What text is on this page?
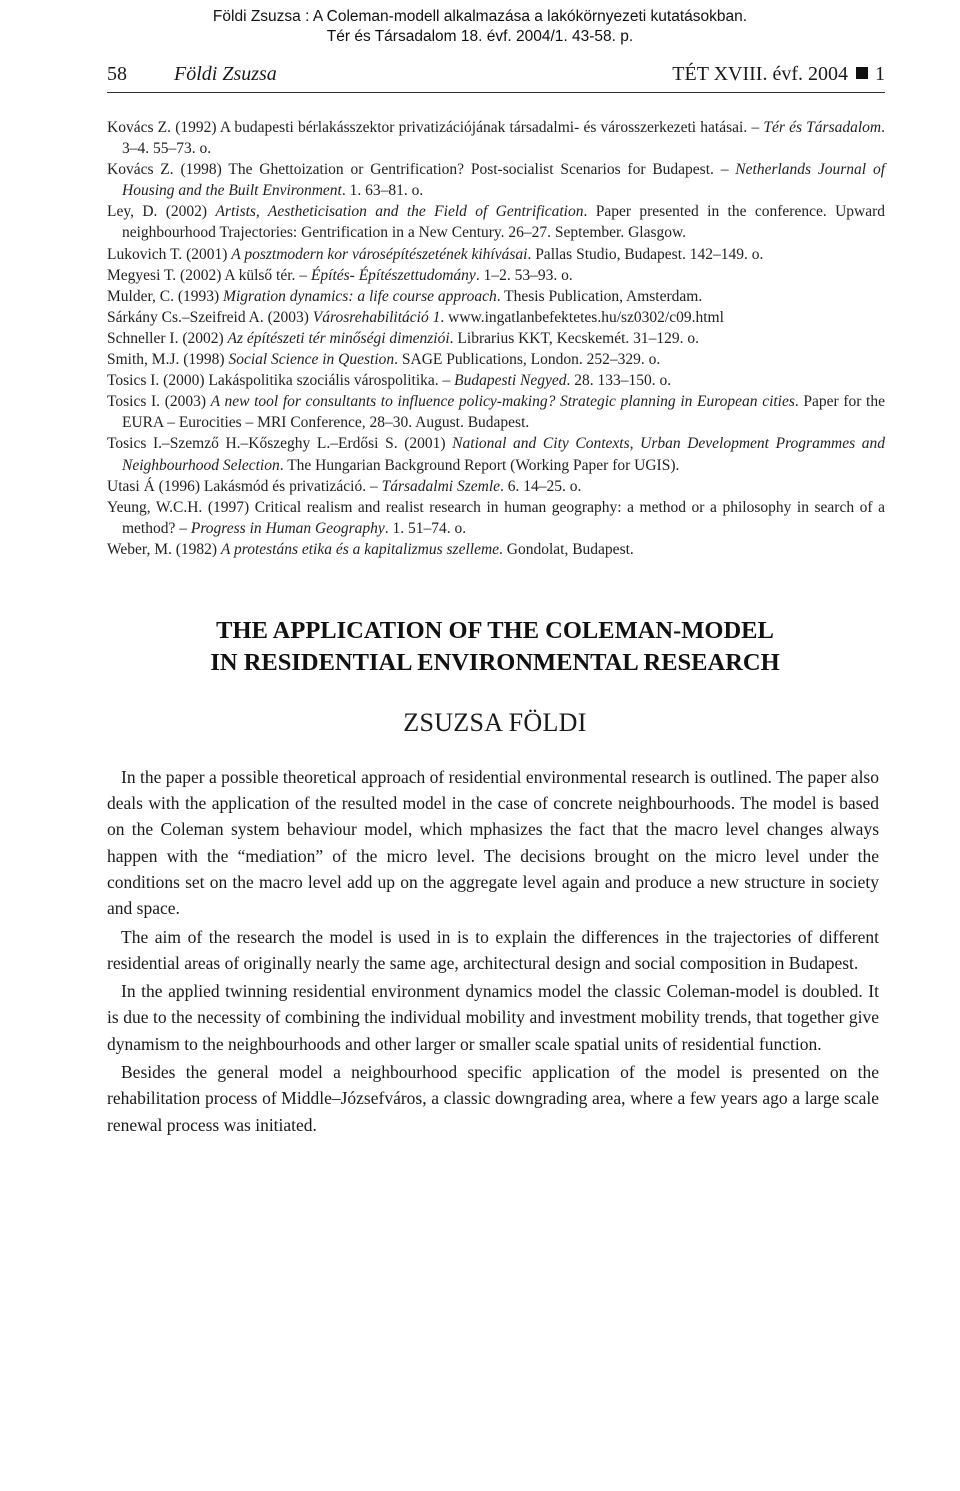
Földi Zsuzsa : A Coleman-modell alkalmazása a lakókörnyezeti kutatásokban.
Tér és Társadalom 18. évf. 2004/1. 43-58. p.
58 Földi Zsuzsa	TÉT XVIII. évf. 2004 1
Kovács Z. (1992) A budapesti bérlakásszektor privatizációjának társadalmi- és városszerkezeti hatásai. – Tér és Társadalom. 3–4. 55–73. o.
Kovács Z. (1998) The Ghettoization or Gentrification? Post-socialist Scenarios for Budapest. – Netherlands Journal of Housing and the Built Environment. 1. 63–81. o.
Ley, D. (2002) Artists, Aestheticisation and the Field of Gentrification. Paper presented in the conference. Upward neighbourhood Trajectories: Gentrification in a New Century. 26–27. September. Glasgow.
Lukovich T. (2001) A posztmodern kor városépítészetének kihívásai. Pallas Studio, Budapest. 142–149. o.
Megyesi T. (2002) A külső tér. – Építés- Építészettudomány. 1–2. 53–93. o.
Mulder, C. (1993) Migration dynamics: a life course approach. Thesis Publication, Amsterdam.
Sárkány Cs.–Szeifreid A. (2003) Városrehabilitáció 1. www.ingatlanbefektetes.hu/sz0302/c09.html
Schneller I. (2002) Az építészeti tér minőségi dimenziói. Librarius KKT, Kecskemét. 31–129. o.
Smith, M.J. (1998) Social Science in Question. SAGE Publications, London. 252–329. o.
Tosics I. (2000) Lakáspolitika szociális várospolitika. – Budapesti Negyed. 28. 133–150. o.
Tosics I. (2003) A new tool for consultants to influence policy-making? Strategic planning in European cities. Paper for the EURA – Eurocities – MRI Conference, 28–30. August. Budapest.
Tosics I.–Szemző H.–Kőszeghy L.–Erdősi S. (2001) National and City Contexts, Urban Development Programmes and Neighbourhood Selection. The Hungarian Background Report (Working Paper for UGIS).
Utasi Á (1996) Lakásmód és privatizáció. – Társadalmi Szemle. 6. 14–25. o.
Yeung, W.C.H. (1997) Critical realism and realist research in human geography: a method or a philosophy in search of a method? – Progress in Human Geography. 1. 51–74. o.
Weber, M. (1982) A protestáns etika és a kapitalizmus szelleme. Gondolat, Budapest.
THE APPLICATION OF THE COLEMAN-MODEL
IN RESIDENTIAL ENVIRONMENTAL RESEARCH
ZSUZSA FÖLDI

In the paper a possible theoretical approach of residential environmental research is outlined. The paper also deals with the application of the resulted model in the case of concrete neighbourhoods. The model is based on the Coleman system behaviour model, which mphasizes the fact that the macro level changes always happen with the “mediation” of the micro level. The decisions brought on the micro level under the conditions set on the macro level add up on the aggregate level again and produce a new structure in society and space.

The aim of the research the model is used in is to explain the differences in the trajectories of different residential areas of originally nearly the same age, architectural design and social composition in Budapest.

In the applied twinning residential environment dynamics model the classic Coleman-model is doubled. It is due to the necessity of combining the individual mobility and investment mobility trends, that together give dynamism to the neighbourhoods and other larger or smaller scale spatial units of residential function.

Besides the general model a neighbourhood specific application of the model is presented on the rehabilitation process of Middle–Józsefváros, a classic downgrading area, where a few years ago a large scale renewal process was initiated.
